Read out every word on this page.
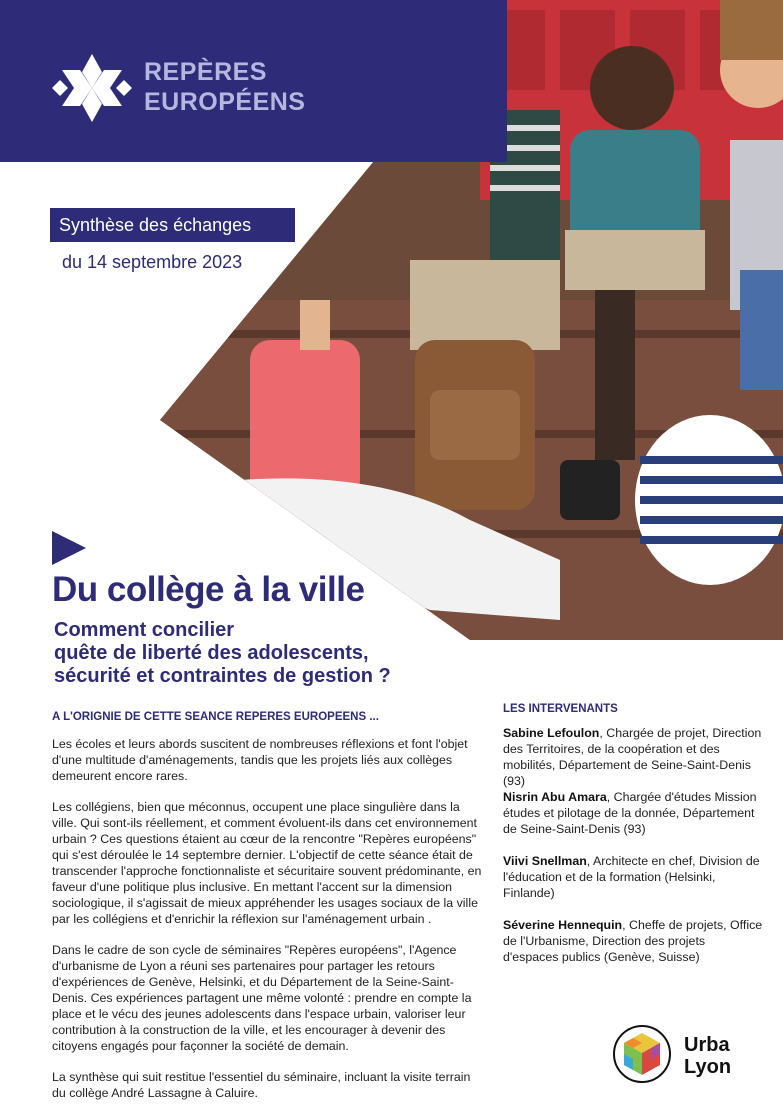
REPÈRES
EUROPÉENS
Synthèse des échanges
du 14 septembre 2023
Du collège à la ville
Comment concilier
quête de liberté des adolescents,
sécurité et contraintes de gestion ?
A L'ORIGNIE DE CETTE SEANCE REPERES EUROPEENS ...

Les écoles et leurs abords suscitent de nombreuses réflexions et font l'objet d'une multitude d'aménagements, tandis que les projets liés aux collèges demeurent encore rares.

Les collégiens, bien que méconnus, occupent une place singulière dans la ville. Qui sont-ils réellement, et comment évoluent-ils dans cet environnement urbain ? Ces questions étaient au cœur de la rencontre "Repères européens" qui s'est déroulée le 14 septembre dernier. L'objectif de cette séance était de transcender l'approche fonctionnaliste et sécuritaire souvent prédominante, en faveur d'une politique plus inclusive. En mettant l'accent sur la dimension sociologique, il s'agissait de mieux appréhender les usages sociaux de la ville par les collégiens et d'enrichir la réflexion sur l'aménagement urbain .

Dans le cadre de son cycle de séminaires "Repères européens", l'Agence d'urbanisme de Lyon a réuni ses partenaires pour partager les retours d'expériences de Genève, Helsinki, et du Département de la Seine-Saint-Denis. Ces expériences partagent une même volonté : prendre en compte la place et le vécu des jeunes adolescents dans l'espace urbain, valoriser leur contribution à la construction de la ville, et les encourager à devenir des citoyens engagés pour façonner la société de demain.

La synthèse qui suit restitue l'essentiel du séminaire, incluant la visite terrain du collège André Lassagne à Caluire.

LES INTERVENANTS
Sabine Lefoulon, Chargée de projet, Direction des Territoires, de la coopération et des mobilités, Département de Seine-Saint-Denis (93)
Nisrin Abu Amara, Chargée d'études Mission études et pilotage de la donnée, Département de Seine-Saint-Denis (93)
Viivi Snellman, Architecte en chef, Division de l'éducation et de la formation (Helsinki, Finlande)
Séverine Hennequin, Cheffe de projets, Office de l'Urbanisme, Direction des projets d'espaces publics (Genève, Suisse)
Urba
Lyon
